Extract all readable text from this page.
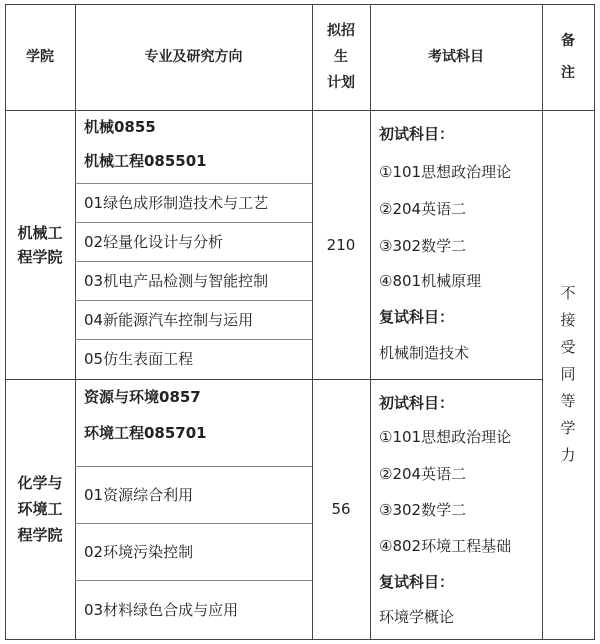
学院	专业及研究方向
拟招
生
计划
考试科目
备
注
机械工
程学院
机械0855
机械工程085501
01绿色成形制造技术与工艺
02轻量化设计与分析
03机电产品检测与智能控制
04新能源汽车控制与运用
05仿生表面工程
210
初试科目：
①101思想政治理论
②204英语二
③302数学二
④801机械原理
复试科目：
机械制造技术
化学与
环境工
程学院
资源与环境0857
环境工程085701
01资源综合利用
02环境污染控制
03材料绿色合成与应用
56
初试科目：
①101思想政治理论
②204英语二
③302数学二
④802环境工程基础
复试科目：
环境学概论
不
接
受
同
等
学
力
